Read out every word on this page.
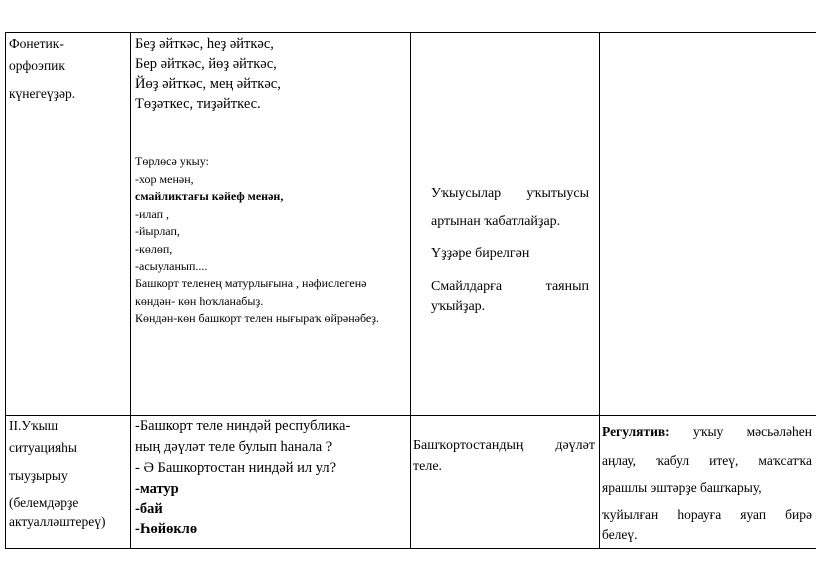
Фонетик-
орфоэпик
күнегеүҙәр.
Беҙ әйткәс, һеҙ әйткәс,
Бер әйткәс, йөҙ әйткәс,
Йөҙ әйткәс, мең әйткәс,
Төҙәткес, тиҙәйткес.
Төрлөсә укыу:
-хор менән,
смайликтағы кәйеф менән,
-илап ,
-йырлап,
-көлөп,
-асыуланып....
Башкорт теленең матурлығына , нәфислегенә
көндән- көн һоҡланабыҙ.
Көндән-көн башкорт телен нығыраҡ өйрәнәбеҙ.
Уҡыусылар уҡытыусы
артынан ҡабатлайҙар.
Үҙҙәре бирелгән
Смайлдарға таянып
уҡыйҙар.
II.Уҡыш
ситуацияһы
тыуҙырыу
(белемдәрҙе
актуалләштереү)
-Башкорт теле ниндәй республика-
ның дәүләт теле булып һанала ?
- Ә Башкортостан ниндәй ил ул?
-матур
-бай
-Һөйөклө
Башҡортостандың дәүләт
теле.
Регулятив: уҡыу мәсьәләһен
аңлау, ҡабул итеү, маҡсатҡа
ярашлы эштәрҙе башҡарыу,
ҡуйылған һорауға яуап бирә
белеү.
